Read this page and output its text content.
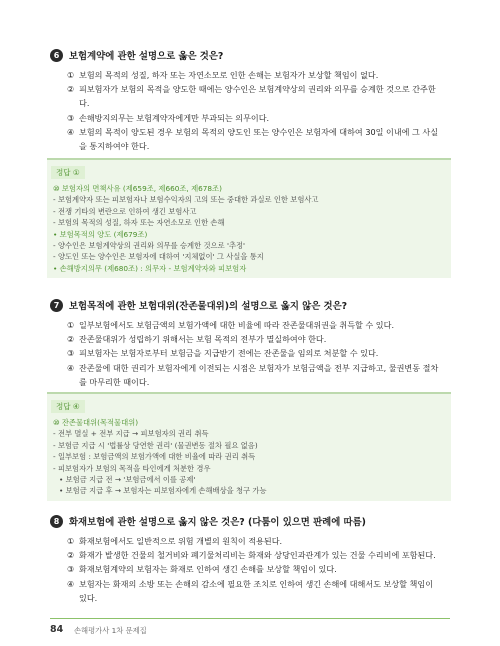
6	보험계약에 관한 설명으로 옳은 것은?
① 보험의 목적의 성질, 하자 또는 자연소모로 인한 손해는 보험자가 보상할 책임이 없다.
② 피보험자가 보험의 목적을 양도한 때에는 양수인은 보험계약상의 권리와 의무를 승계한 것으로 간주한
다.
③ 손해방지의무는 보험계약자에게만 부과되는 의무이다.
④ 보험의 목적이 양도된 경우 보험의 목적의 양도인 또는 양수인은 보험자에 대하여 30일 이내에 그 사실
을 통지하여야 한다.
정답 ①
⑩ 보험자의 면책사유 (제659조, 제660조, 제678조)
- 보험계약자 또는 피보험자나 보험수익자의 고의 또는 중대한 과실로 인한 보험사고
- 전쟁 기타의 변란으로 인하여 생긴 보험사고
- 보험의 목적의 성질, 하자 또는 자연소모로 인한 손해
• 보험목적의 양도 (제679조)
- 양수인은 보험계약상의 권리와 의무를 승계한 것으로 '추정'
- 양도인 또는 양수인은 보험자에 대하여 '지체없이' 그 사실을 통지
• 손해방지의무 (제680조) : 의무자 - 보험계약자와 피보험자
7	보험목적에 관한 보험대위(잔존물대위)의 설명으로 옳지 않은 것은?
① 일부보험에서도 보험금액의 보험가액에 대한 비율에 따라 잔존물대위권을 취득할 수 있다.
② 잔존물대위가 성립하기 위해서는 보험 목적의 전부가 멸실하여야 한다.
③ 피보험자는 보험자로부터 보험금을 지급받기 전에는 잔존물을 임의로 처분할 수 있다.
④ 잔존물에 대한 권리가 보험자에게 이전되는 시점은 보험자가 보험금액을 전부 지급하고, 물권변동 절차
를 마무리한 때이다.
정답 ④
⑩ 잔존물대위(목적물대위)
- 전부 멸실 + 전부 지급 → 피보험자의 권리 취득
- 보험금 지급 시 '법률상 당연한 권리' (물권변동 절차 필요 없음)
- 일부보험 : 보험금액의 보험가액에 대한 비율에 따라 권리 취득
- 피보험자가 보험의 목적을 타인에게 처분한 경우
• 보험금 지급 전 → '보험금에서 이를 공제'
• 보험금 지급 후 → 보험자는 피보험자에게 손해배상을 청구 가능
8	화재보험에 관한 설명으로 옳지 않은 것은? (다툼이 있으면 판례에 따름)
① 화재보험에서도 일반적으로 위험 개별의 원칙이 적용된다.
② 화재가 발생한 건물의 철거비와 폐기물처리비는 화재와 상당인과관계가 있는 건물 수리비에 포함된다.
③ 화재보험계약의 보험자는 화재로 인하여 생긴 손해를 보상할 책임이 있다.
④ 보험자는 화재의 소방 또는 손해의 감소에 필요한 조치로 인하여 생긴 손해에 대해서도 보상할 책임이
있다.
84 손해평가사 1차 문제집
